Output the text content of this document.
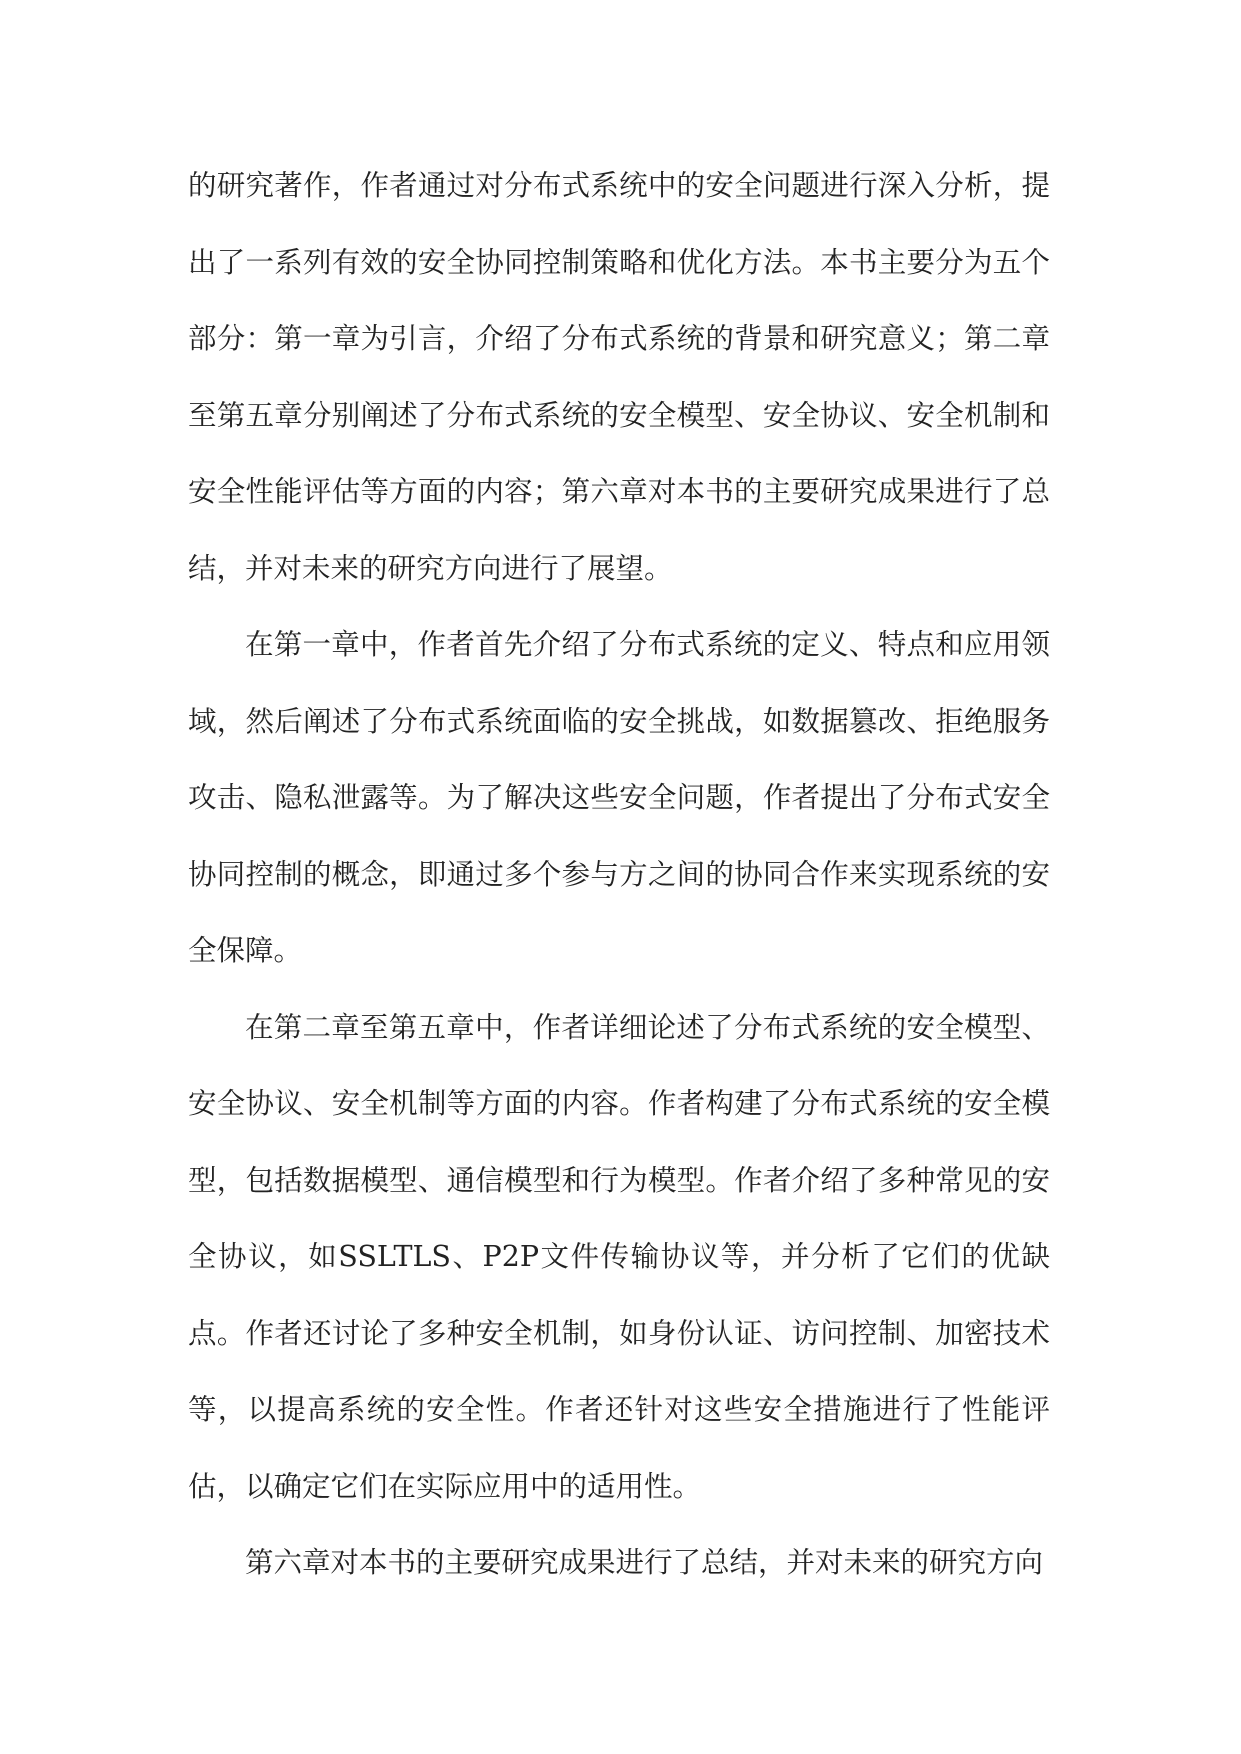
的研究著作，作者通过对分布式系统中的安全问题进行深入分析，提出了一系列有效的安全协同控制策略和优化方法。本书主要分为五个部分：第一章为引言，介绍了分布式系统的背景和研究意义；第二章至第五章分别阐述了分布式系统的安全模型、安全协议、安全机制和安全性能评估等方面的内容；第六章对本书的主要研究成果进行了总结，并对未来的研究方向进行了展望。

在第一章中，作者首先介绍了分布式系统的定义、特点和应用领域，然后阐述了分布式系统面临的安全挑战，如数据篡改、拒绝服务攻击、隐私泄露等。为了解决这些安全问题，作者提出了分布式安全协同控制的概念，即通过多个参与方之间的协同合作来实现系统的安全保障。

在第二章至第五章中，作者详细论述了分布式系统的安全模型、安全协议、安全机制等方面的内容。作者构建了分布式系统的安全模型，包括数据模型、通信模型和行为模型。作者介绍了多种常见的安全协议，如SSLTLS、P2P文件传输协议等，并分析了它们的优缺点。作者还讨论了多种安全机制，如身份认证、访问控制、加密技术等，以提高系统的安全性。作者还针对这些安全措施进行了性能评估，以确定它们在实际应用中的适用性。

第六章对本书的主要研究成果进行了总结，并对未来的研究方向
